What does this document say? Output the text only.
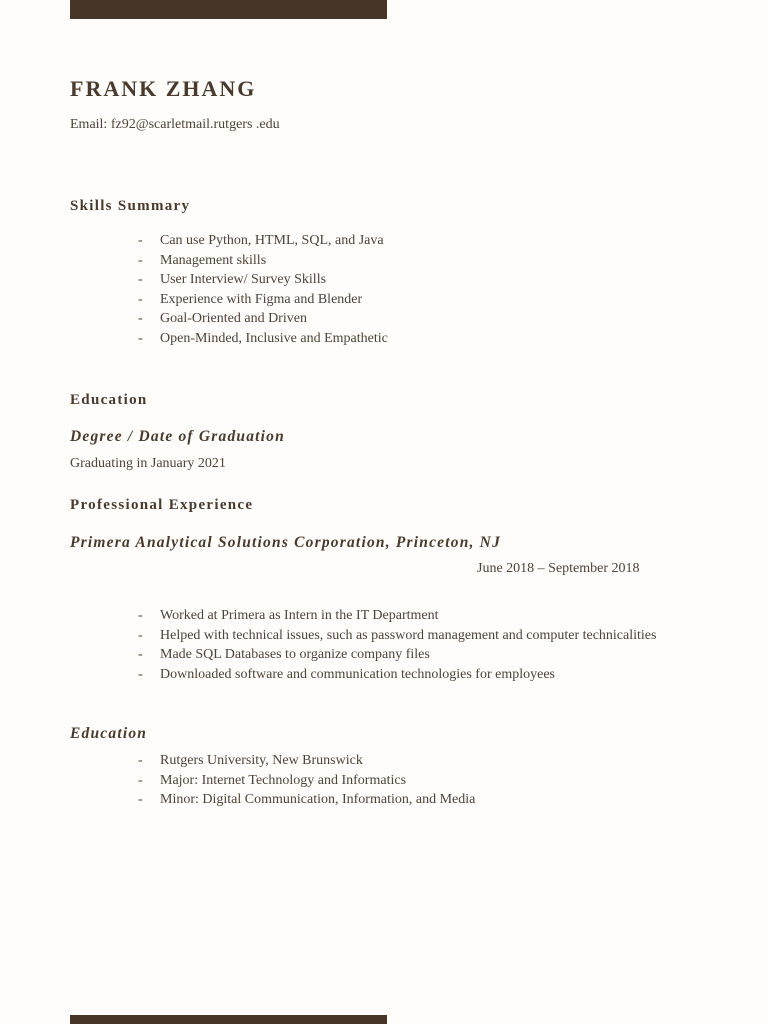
FRANK ZHANG
Email: fz92@scarletmail.rutgers .edu
Skills Summary
- Can use Python, HTML, SQL, and Java
- Management skills
- User Interview/ Survey Skills
- Experience with Figma and Blender
- Goal-Oriented and Driven
- Open-Minded, Inclusive and Empathetic
Education
Degree / Date of Graduation
Graduating in January 2021
Professional Experience
Primera Analytical Solutions Corporation, Princeton, NJ
June 2018 – September 2018
- Worked at Primera as Intern in the IT Department
- Helped with technical issues, such as password management and computer technicalities
- Made SQL Databases to organize company files
- Downloaded software and communication technologies for employees
Education
- Rutgers University, New Brunswick
- Major: Internet Technology and Informatics
- Minor: Digital Communication, Information, and Media
